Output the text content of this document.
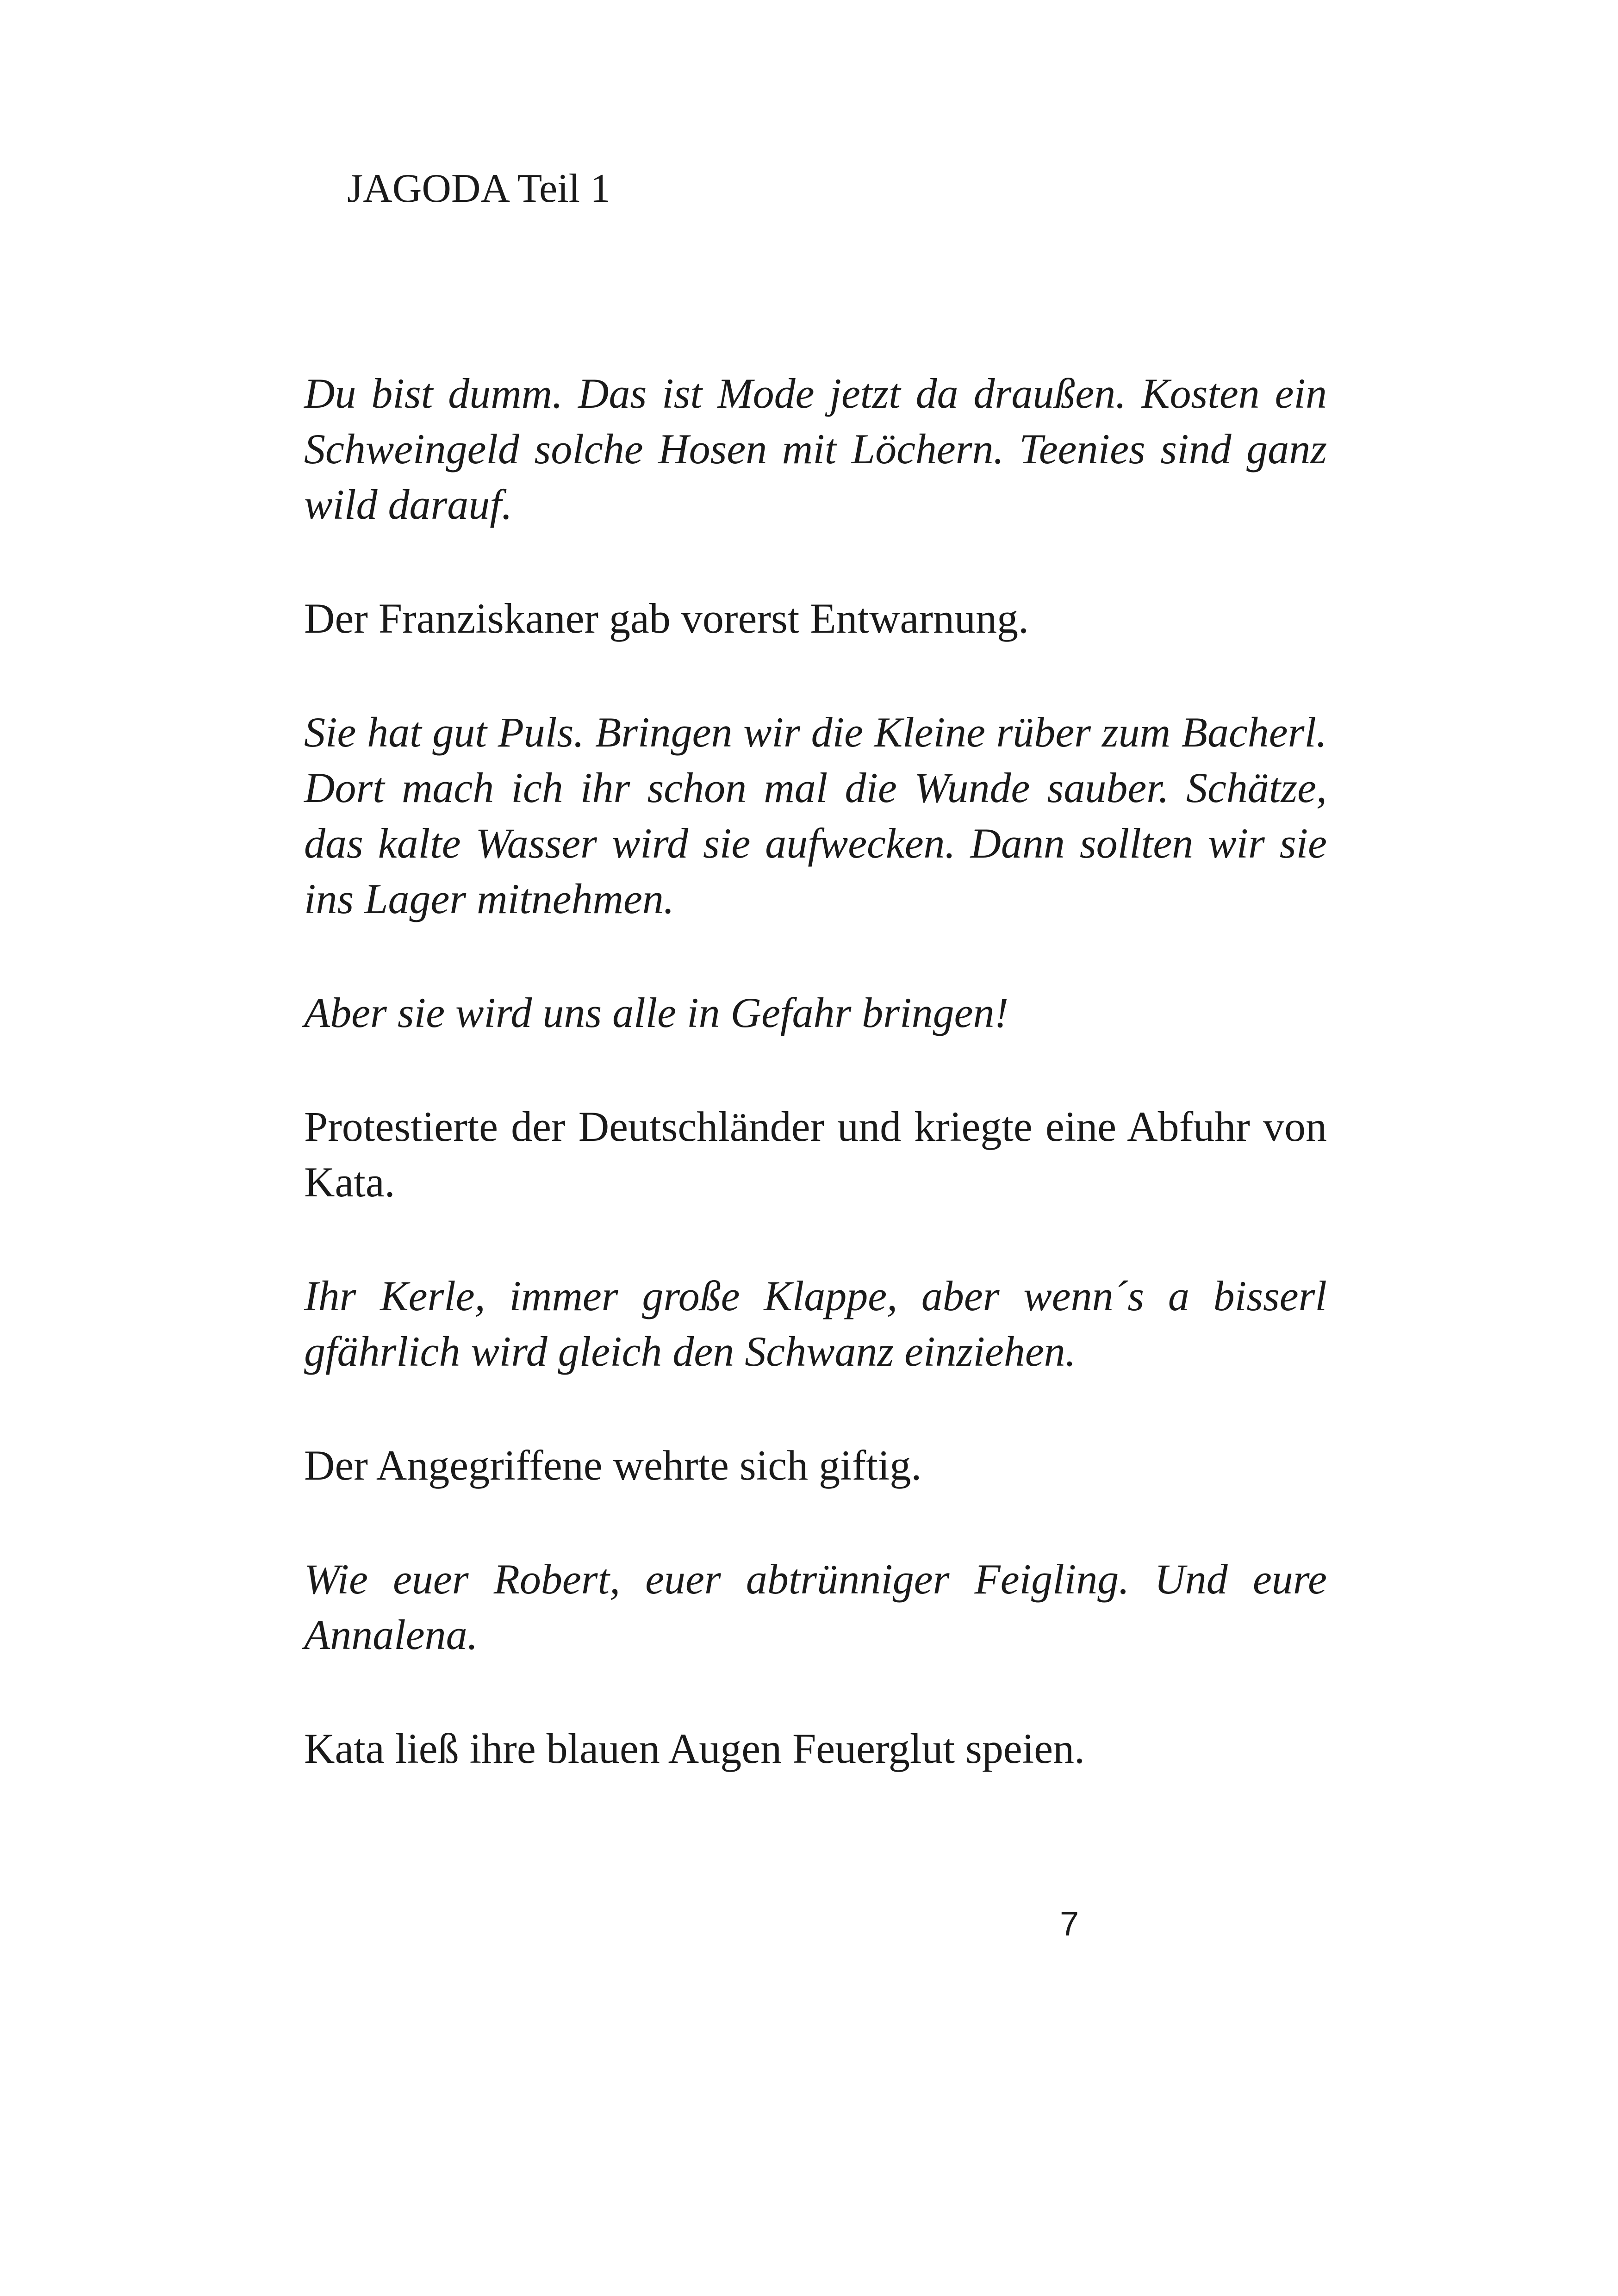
JAGODA Teil 1

Du bist dumm. Das ist Mode jetzt da draußen. Kosten ein Schweingeld solche Hosen mit Löchern. Teenies sind ganz wild darauf.

Der Franziskaner gab vorerst Entwarnung.

Sie hat gut Puls. Bringen wir die Kleine rüber zum Bacherl. Dort mach ich ihr schon mal die Wunde sauber. Schätze, das kalte Wasser wird sie aufwecken. Dann sollten wir sie ins Lager mitnehmen.

Aber sie wird uns alle in Gefahr bringen!

Protestierte der Deutschländer und kriegte eine Abfuhr von Kata.

Ihr Kerle, immer große Klappe, aber wenn´s a bisserl gfährlich wird gleich den Schwanz einziehen.

Der Angegriffene wehrte sich giftig.

Wie euer Robert, euer abtrünniger Feigling. Und eure Annalena.

Kata ließ ihre blauen Augen Feuerglut speien.

7
